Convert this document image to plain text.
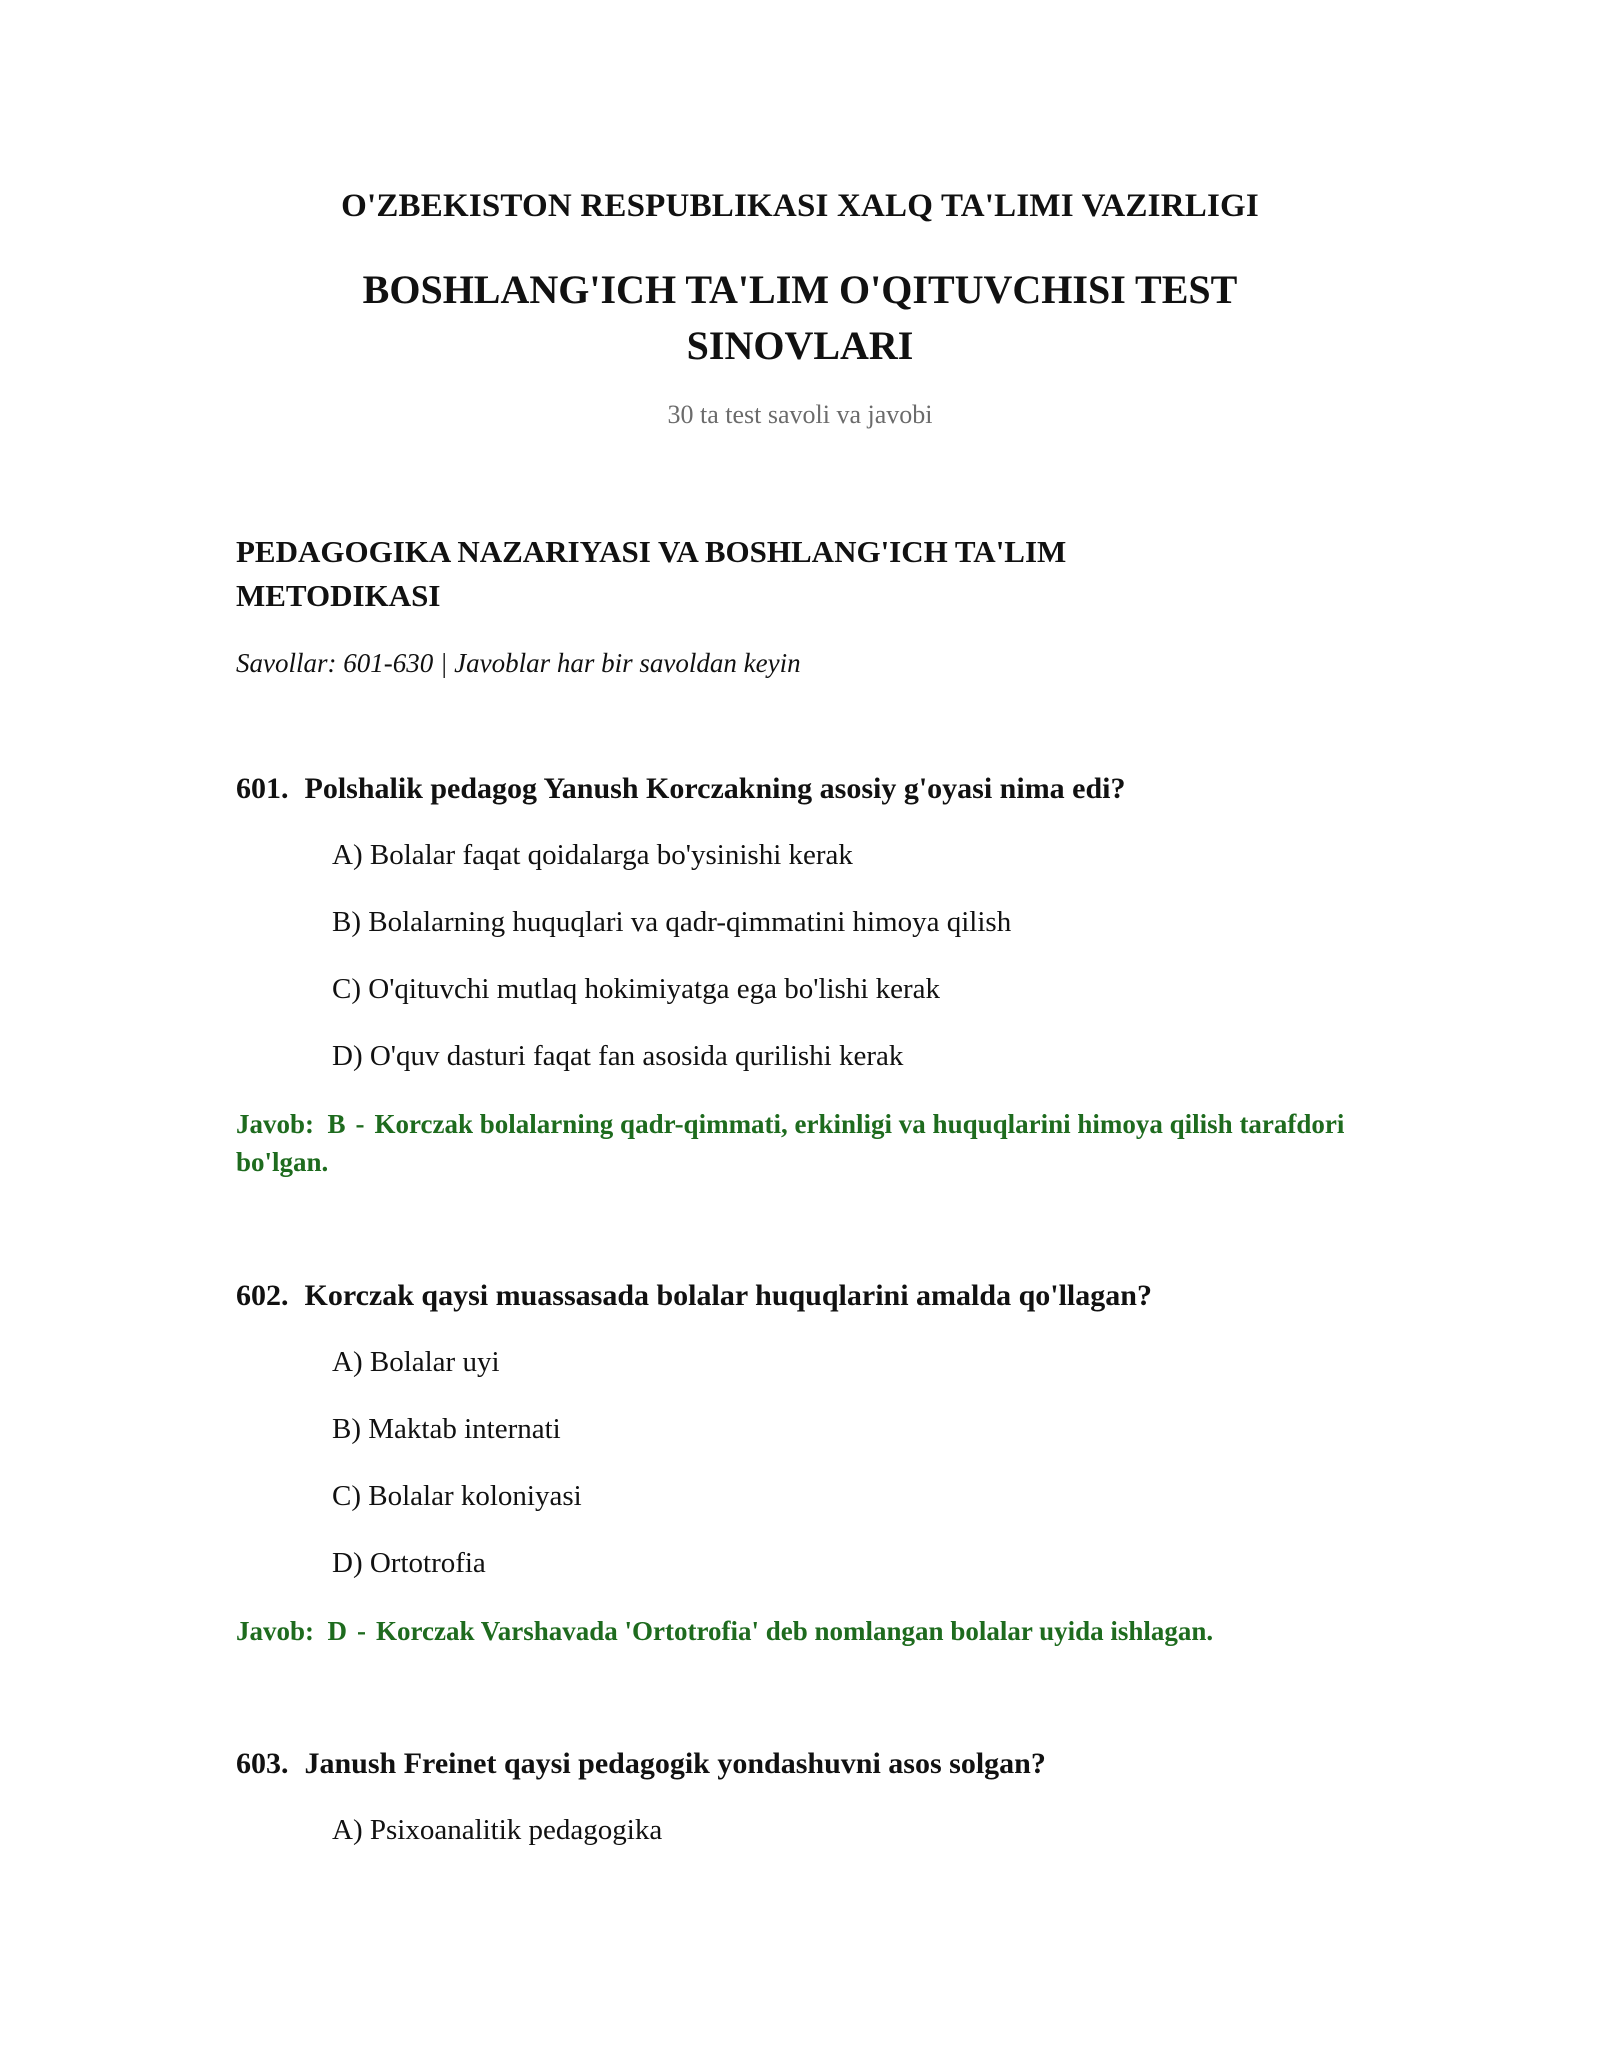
O'ZBEKISTON RESPUBLIKASI XALQ TA'LIMI VAZIRLIGI
BOSHLANG'ICH TA'LIM O'QITUVCHISI TEST
SINOVLARI
30 ta test savoli va javobi
PEDAGOGIKA NAZARIYASI VA BOSHLANG'ICH TA'LIM
METODIKASI
Savollar: 601-630 | Javoblar har bir savoldan keyin
601. Polshalik pedagog Yanush Korczakning asosiy g'oyasi nima edi?
A) Bolalar faqat qoidalarga bo'ysinishi kerak
B) Bolalarning huquqlari va qadr-qimmatini himoya qilish
C) O'qituvchi mutlaq hokimiyatga ega bo'lishi kerak
D) O'quv dasturi faqat fan asosida qurilishi kerak
Javob: B - Korczak bolalarning qadr-qimmati, erkinligi va huquqlarini himoya qilish tarafdori bo'lgan.
602. Korczak qaysi muassasada bolalar huquqlarini amalda qo'llagan?
A) Bolalar uyi
B) Maktab internati
C) Bolalar koloniyasi
D) Ortotrofia
Javob: D - Korczak Varshavada 'Ortotrofia' deb nomlangan bolalar uyida ishlagan.
603. Janush Freinet qaysi pedagogik yondashuvni asos solgan?
A) Psixoanalitik pedagogika
